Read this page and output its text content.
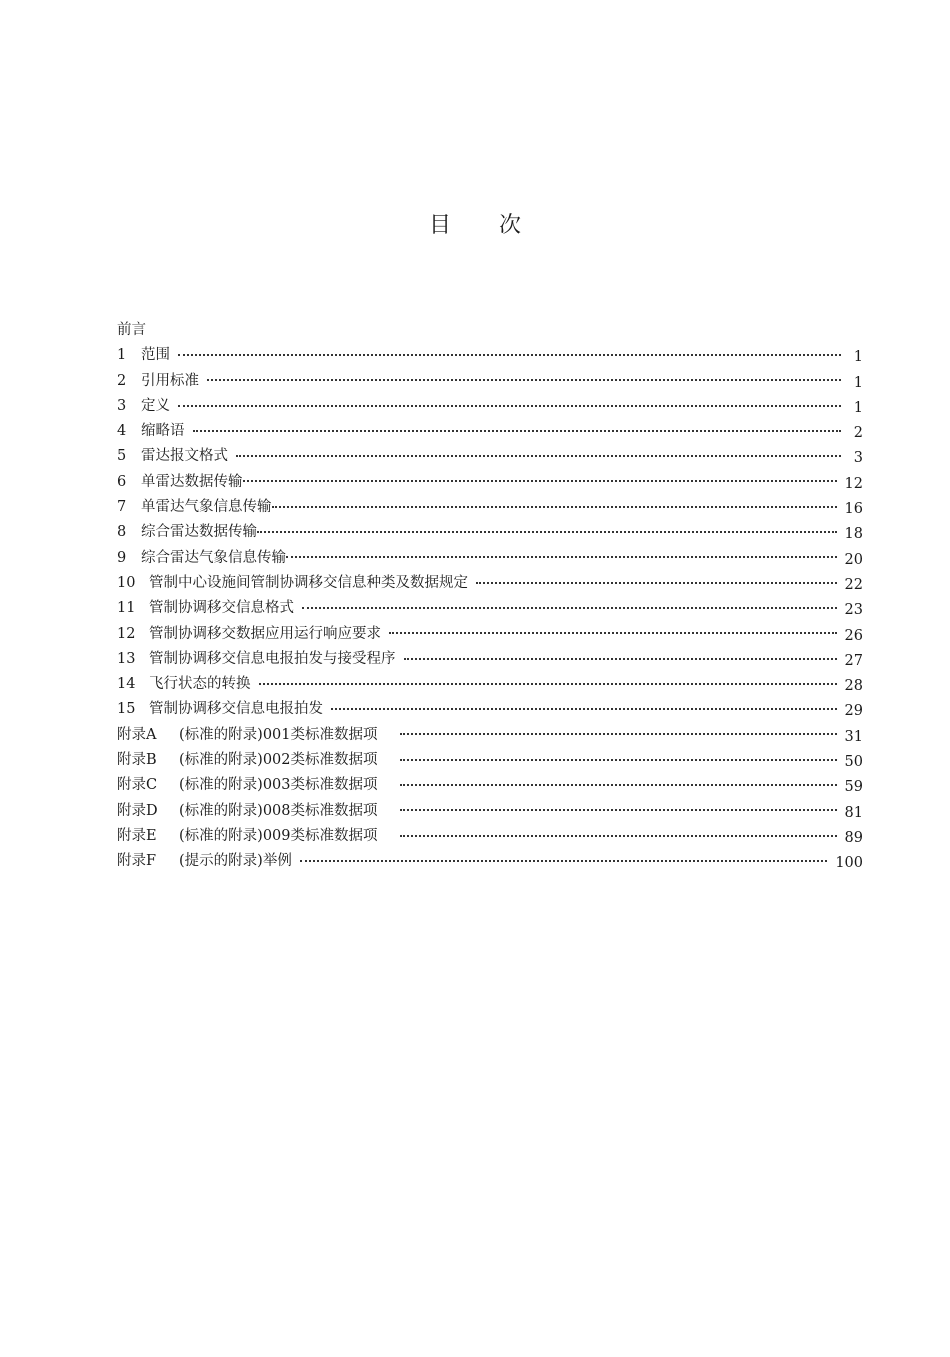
目 次
前言
1	范围	1
2	引用标准	1
3	定义	1
4	缩略语	2
5	雷达报文格式	3
6	单雷达数据传输	12
7	单雷达气象信息传输	16
8	综合雷达数据传输	18
9	综合雷达气象信息传输	20
10 管制中心设施间管制协调移交信息种类及数据规定	22
11 管制协调移交信息格式	23
12 管制协调移交数据应用运行响应要求	26
13 管制协调移交信息电报拍发与接受程序	27
14 飞行状态的转换	28
15 管制协调移交信息电报拍发	29
附录A	(标准的附录)001类标准数据项	31
附录B	(标准的附录)002类标准数据项	50
附录C	(标准的附录)003类标准数据项	59
附录D	(标准的附录)008类标准数据项	81
附录E	(标准的附录)009类标准数据项	89
附录F	(提示的附录)举例	100
